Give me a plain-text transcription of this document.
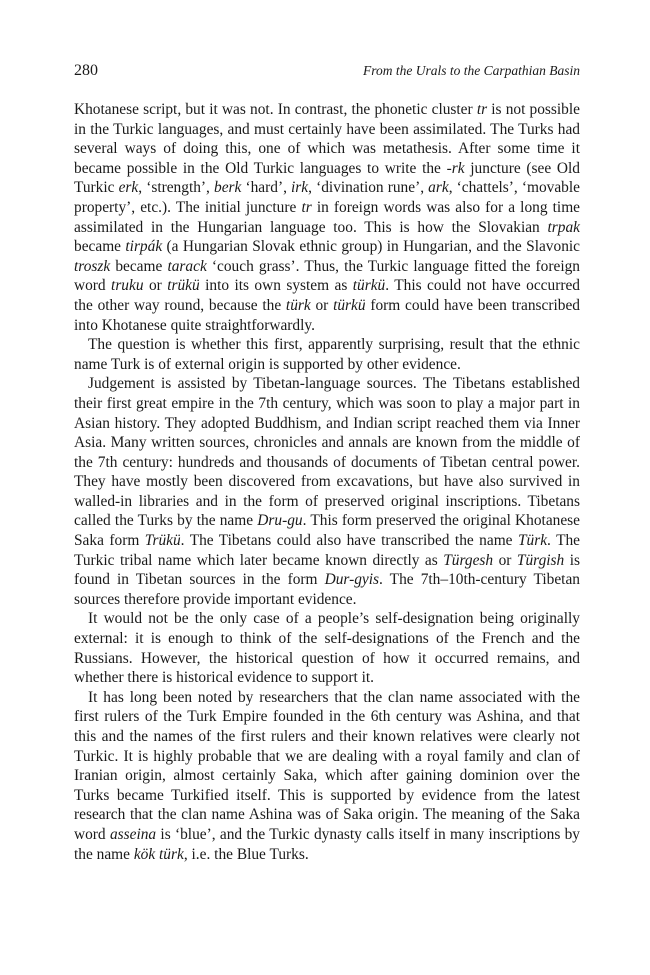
280	From the Urals to the Carpathian Basin

Khotanese script, but it was not. In contrast, the phonetic cluster tr is not possible in the Turkic languages, and must certainly have been assimilated. The Turks had several ways of doing this, one of which was metathesis. After some time it became possible in the Old Turkic languages to write the -rk juncture (see Old Turkic erk, ‘strength’, berk ‘hard’, irk, ‘divination rune’, ark, ‘chattels’, ‘movable property’, etc.). The initial juncture tr in foreign words was also for a long time assimilated in the Hungarian language too. This is how the Slovakian trpak became tirpák (a Hungarian Slovak ethnic group) in Hungarian, and the Slavonic troszk became tarack ‘couch grass’. Thus, the Turkic language fitted the foreign word truku or trükü into its own system as türkü. This could not have occurred the other way round, because the türk or türkü form could have been transcribed into Khotanese quite straightforwardly.

The question is whether this first, apparently surprising, result that the ethnic name Turk is of external origin is supported by other evidence.

Judgement is assisted by Tibetan-language sources. The Tibetans established their first great empire in the 7th century, which was soon to play a major part in Asian history. They adopted Buddhism, and Indian script reached them via Inner Asia. Many written sources, chronicles and annals are known from the middle of the 7th century: hundreds and thousands of documents of Tibetan central power. They have mostly been discovered from excavations, but have also survived in walled-in libraries and in the form of preserved original inscriptions. Tibetans called the Turks by the name Dru-gu. This form preserved the original Khotanese Saka form Trükü. The Tibetans could also have transcribed the name Türk. The Turkic tribal name which later became known directly as Türgesh or Türgish is found in Tibetan sources in the form Dur-gyis. The 7th–10th-century Tibetan sources therefore provide important evidence.

It would not be the only case of a people’s self-designation being originally external: it is enough to think of the self-designations of the French and the Russians. However, the historical question of how it occurred remains, and whether there is historical evidence to support it.

It has long been noted by researchers that the clan name associated with the first rulers of the Turk Empire founded in the 6th century was Ashina, and that this and the names of the first rulers and their known relatives were clearly not Turkic. It is highly probable that we are dealing with a royal family and clan of Iranian origin, almost certainly Saka, which after gaining dominion over the Turks became Turkified itself. This is supported by evidence from the latest research that the clan name Ashina was of Saka origin. The meaning of the Saka word asseina is ‘blue’, and the Turkic dynasty calls itself in many inscriptions by the name kök türk, i.e. the Blue Turks.
